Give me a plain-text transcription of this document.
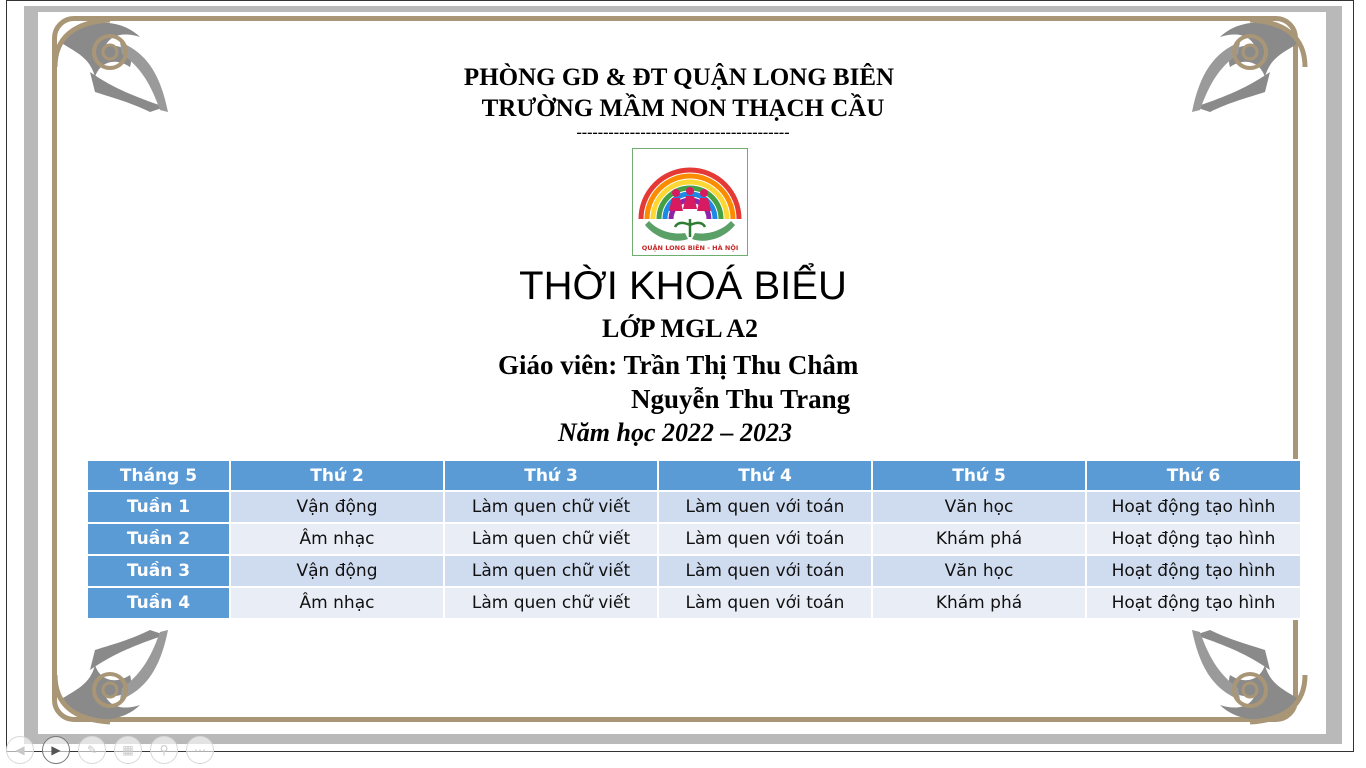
PHÒNG GD & ĐT QUẬN LONG BIÊN
TRƯỜNG MẦM NON THẠCH CẦU
----------------------------------------
QUẬN LONG BIÊN - HÀ NỘI
THỜI KHOÁ BIỂU
LỚP MGL A2
Giáo viên: Trần Thị Thu Châm
Nguyễn Thu Trang
Năm học 2022 – 2023
Tháng 5	Thứ 2	Thứ 3	Thứ 4	Thứ 5	Thứ 6
Tuần 1	Vận động	Làm quen chữ viết	Làm quen với toán	Văn học	Hoạt động tạo hình
Tuần 2	Âm nhạc	Làm quen chữ viết	Làm quen với toán	Khám phá	Hoạt động tạo hình
Tuần 3	Vận động	Làm quen chữ viết	Làm quen với toán	Văn học	Hoạt động tạo hình
Tuần 4	Âm nhạc	Làm quen chữ viết	Làm quen với toán	Khám phá	Hoạt động tạo hình
◀	▶	✎	▦	⚲	⋯
